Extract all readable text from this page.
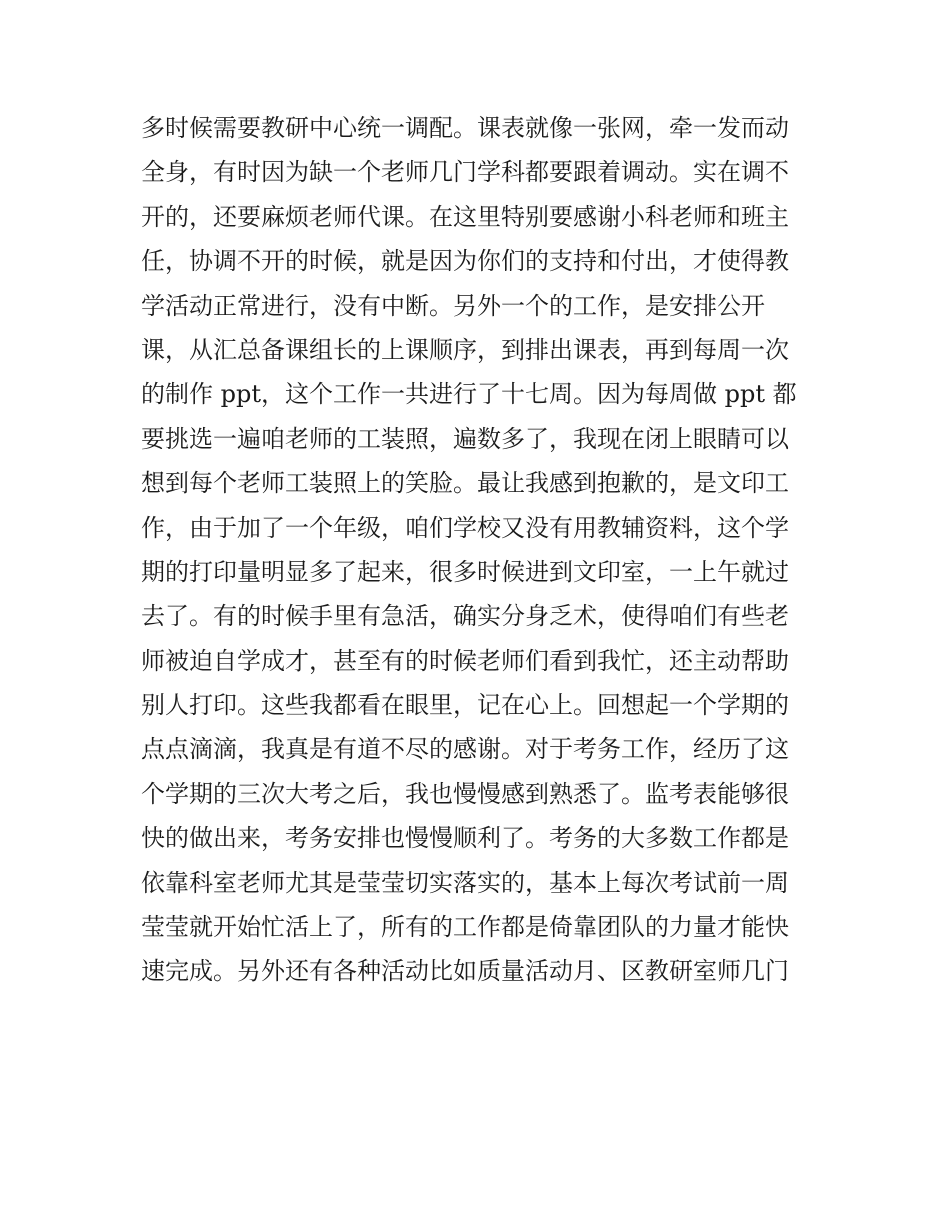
多时候需要教研中心统一调配。课表就像一张网，牵一发而动
全身，有时因为缺一个老师几门学科都要跟着调动。实在调不
开的，还要麻烦老师代课。在这里特别要感谢小科老师和班主
任，协调不开的时候，就是因为你们的支持和付出，才使得教
学活动正常进行，没有中断。另外一个的工作，是安排公开
课，从汇总备课组长的上课顺序，到排出课表，再到每周一次
的制作 ppt，这个工作一共进行了十七周。因为每周做 ppt 都
要挑选一遍咱老师的工装照，遍数多了，我现在闭上眼睛可以
想到每个老师工装照上的笑脸。最让我感到抱歉的，是文印工
作，由于加了一个年级，咱们学校又没有用教辅资料，这个学
期的打印量明显多了起来，很多时候进到文印室，一上午就过
去了。有的时候手里有急活，确实分身乏术，使得咱们有些老
师被迫自学成才，甚至有的时候老师们看到我忙，还主动帮助
别人打印。这些我都看在眼里，记在心上。回想起一个学期的
点点滴滴，我真是有道不尽的感谢。对于考务工作，经历了这
个学期的三次大考之后，我也慢慢感到熟悉了。监考表能够很
快的做出来，考务安排也慢慢顺利了。考务的大多数工作都是
依靠科室老师尤其是莹莹切实落实的，基本上每次考试前一周
莹莹就开始忙活上了，所有的工作都是倚靠团队的力量才能快
速完成。另外还有各种活动比如质量活动月、区教研室师几门
